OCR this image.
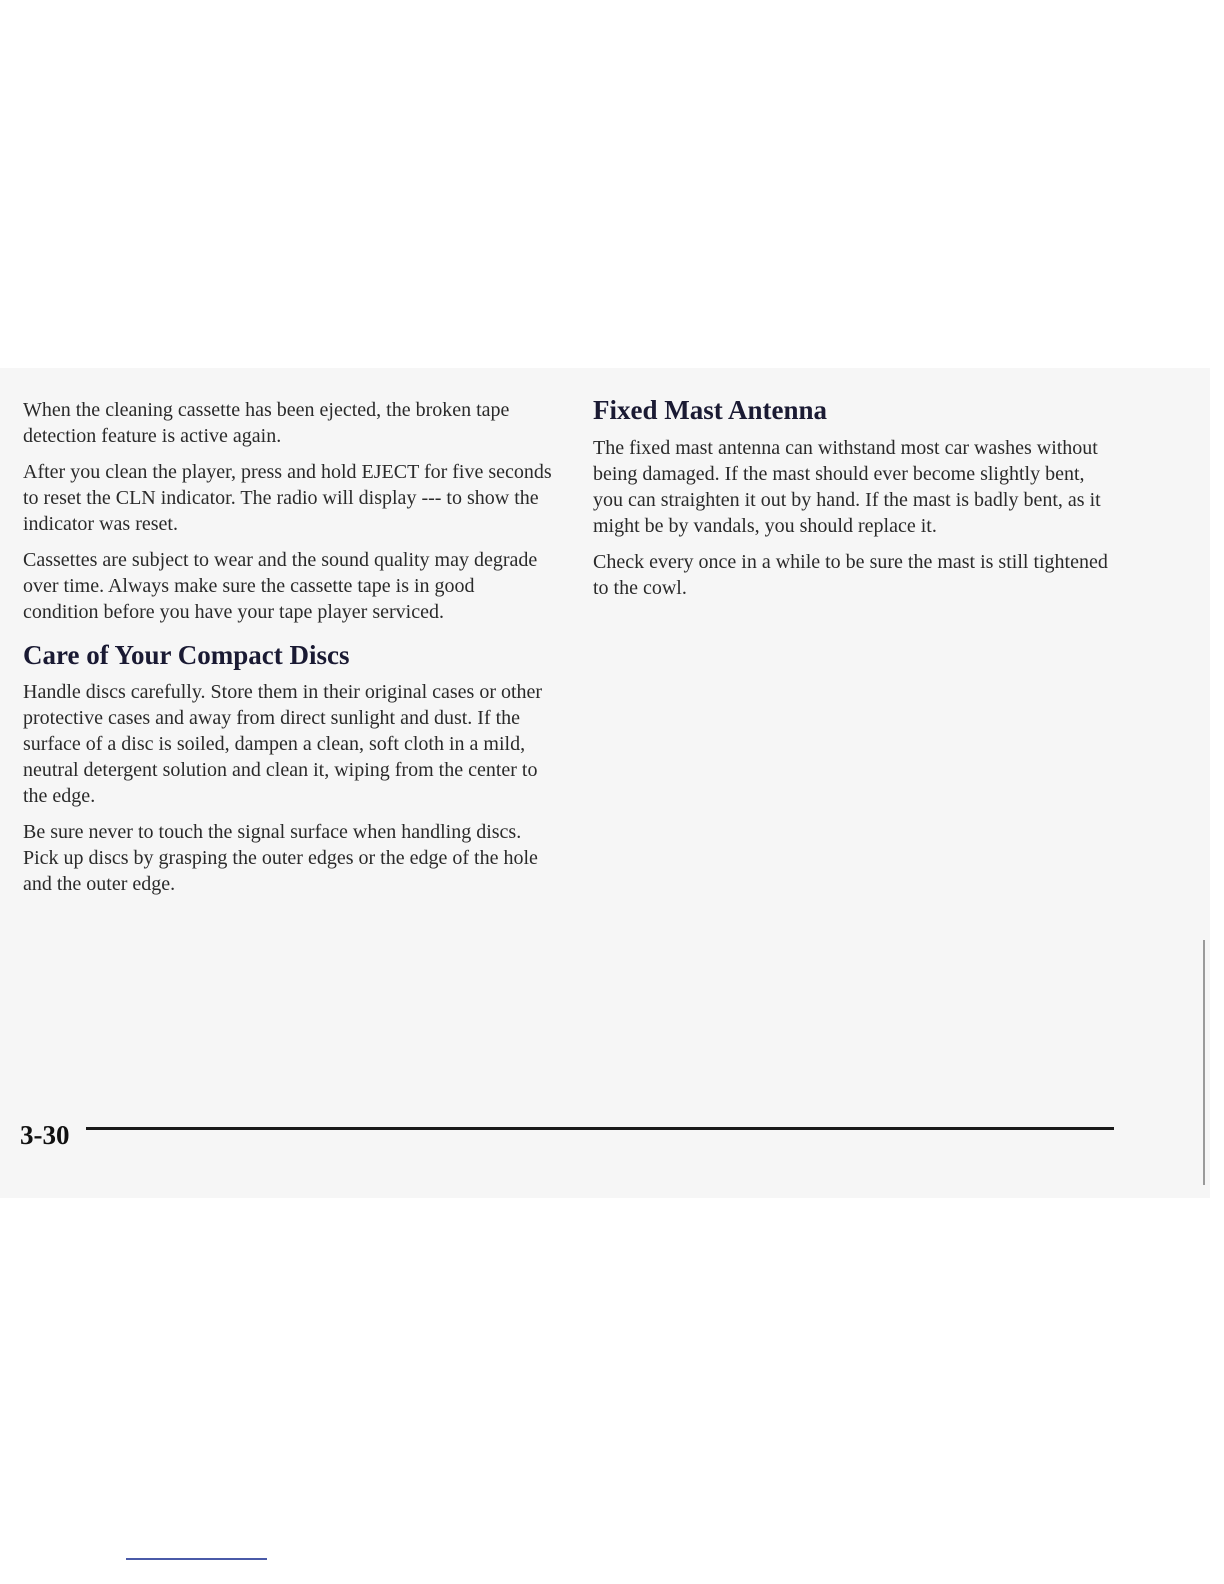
When the cleaning cassette has been ejected, the broken tape detection feature is active again.

After you clean the player, press and hold EJECT for five seconds to reset the CLN indicator. The radio will display --- to show the indicator was reset.

Cassettes are subject to wear and the sound quality may degrade over time. Always make sure the cassette tape is in good condition before you have your tape player serviced.

Care of Your Compact Discs

Handle discs carefully. Store them in their original cases or other protective cases and away from direct sunlight and dust. If the surface of a disc is soiled, dampen a clean, soft cloth in a mild, neutral detergent solution and clean it, wiping from the center to the edge.

Be sure never to touch the signal surface when handling discs. Pick up discs by grasping the outer edges or the edge of the hole and the outer edge.

Fixed Mast Antenna

The fixed mast antenna can withstand most car washes without being damaged. If the mast should ever become slightly bent, you can straighten it out by hand. If the mast is badly bent, as it might be by vandals, you should replace it.

Check every once in a while to be sure the mast is still tightened to the cowl.

3-30
